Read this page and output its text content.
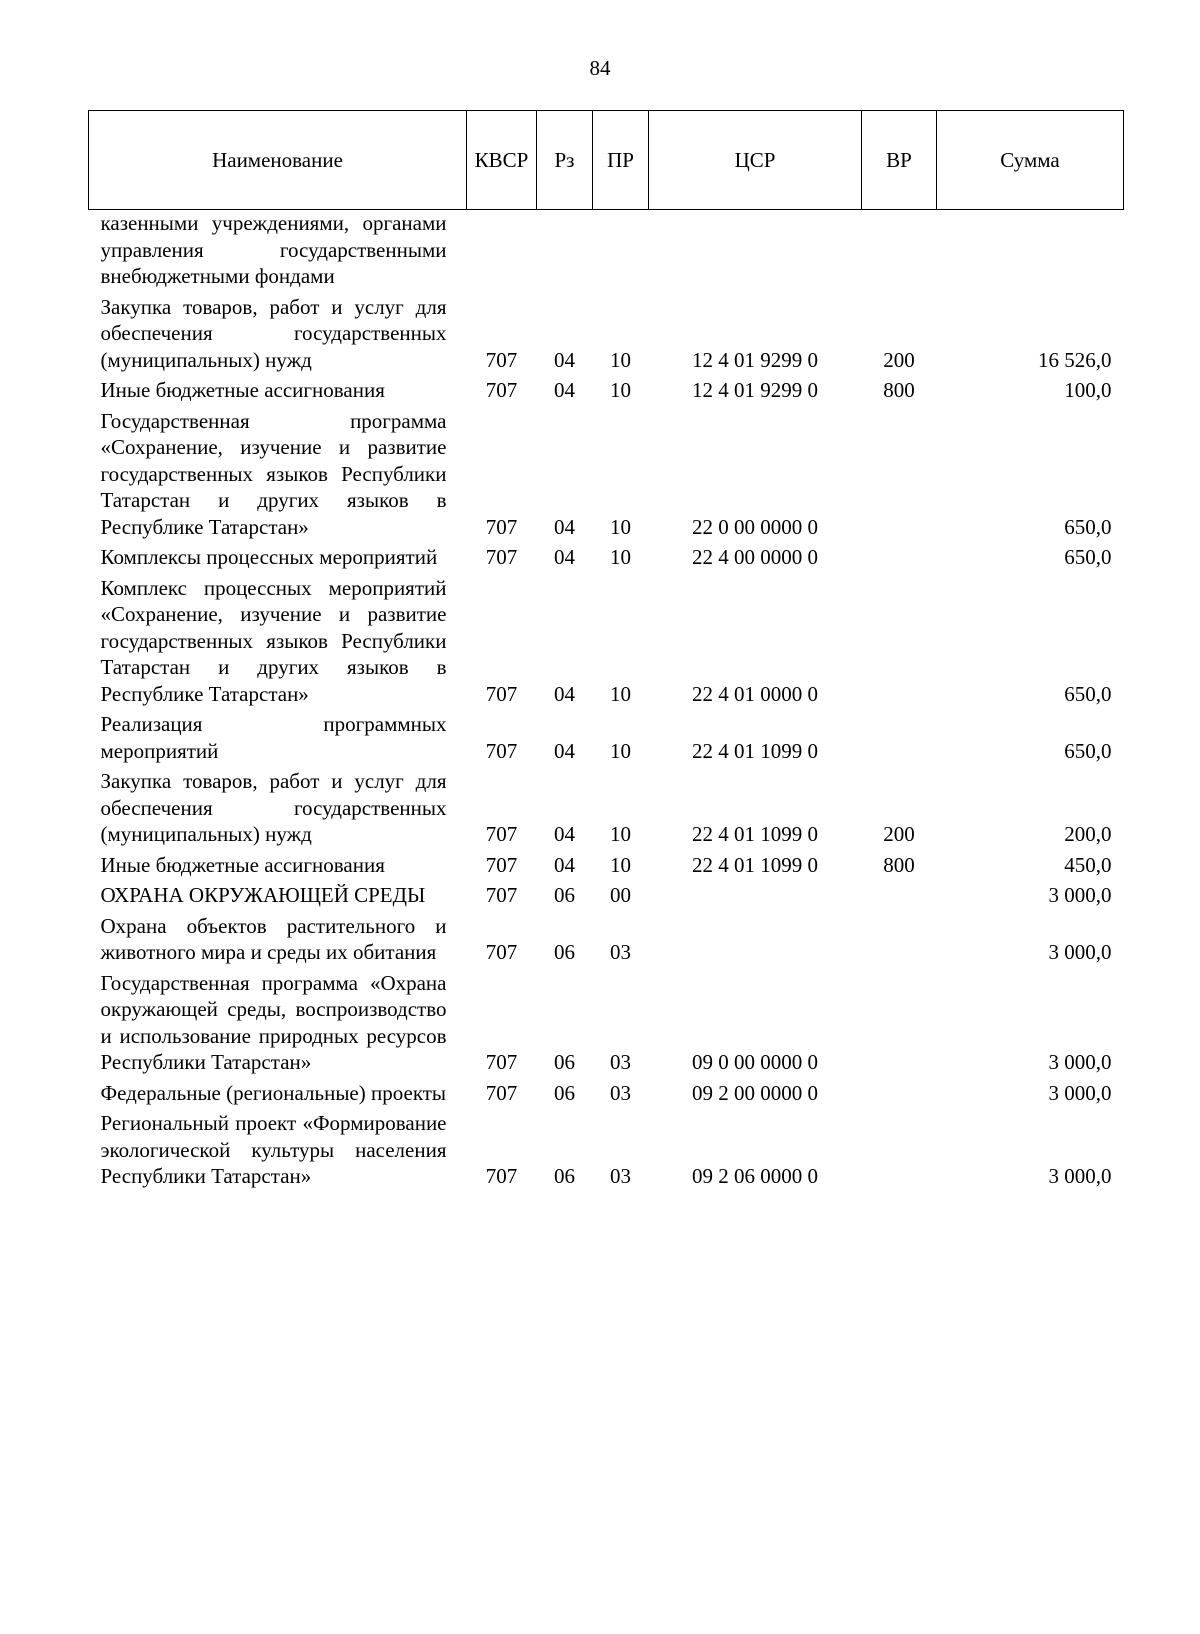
84
Наименование	КВСР	Рз	ПР	ЦСР	ВР	Сумма
казенными учреждениями, органами управления государственными внебюджетными фондами						
Закупка товаров, работ и услуг для обеспечения государственных (муниципальных) нужд	707	04	10	12 4 01 9299 0	200	16 526,0
Иные бюджетные ассигнования	707	04	10	12 4 01 9299 0	800	100,0
Государственная программа «Сохранение, изучение и развитие государственных языков Республики Татарстан и других языков в Республике Татарстан»	707	04	10	22 0 00 0000 0		650,0
Комплексы процессных мероприятий	707	04	10	22 4 00 0000 0		650,0
Комплекс процессных мероприятий «Сохранение, изучение и развитие государственных языков Республики Татарстан и других языков в Республике Татарстан»	707	04	10	22 4 01 0000 0		650,0
Реализация программных мероприятий	707	04	10	22 4 01 1099 0		650,0
Закупка товаров, работ и услуг для обеспечения государственных (муниципальных) нужд	707	04	10	22 4 01 1099 0	200	200,0
Иные бюджетные ассигнования	707	04	10	22 4 01 1099 0	800	450,0
ОХРАНА ОКРУЖАЮЩЕЙ СРЕДЫ	707	06	00			3 000,0
Охрана объектов растительного и животного мира и среды их обитания	707	06	03			3 000,0
Государственная программа «Охрана окружающей среды, воспроизводство и использование природных ресурсов Республики Татарстан»	707	06	03	09 0 00 0000 0		3 000,0
Федеральные (региональные) проекты	707	06	03	09 2 00 0000 0		3 000,0
Региональный проект «Формирование экологической культуры населения Республики Татарстан»	707	06	03	09 2 06 0000 0		3 000,0
